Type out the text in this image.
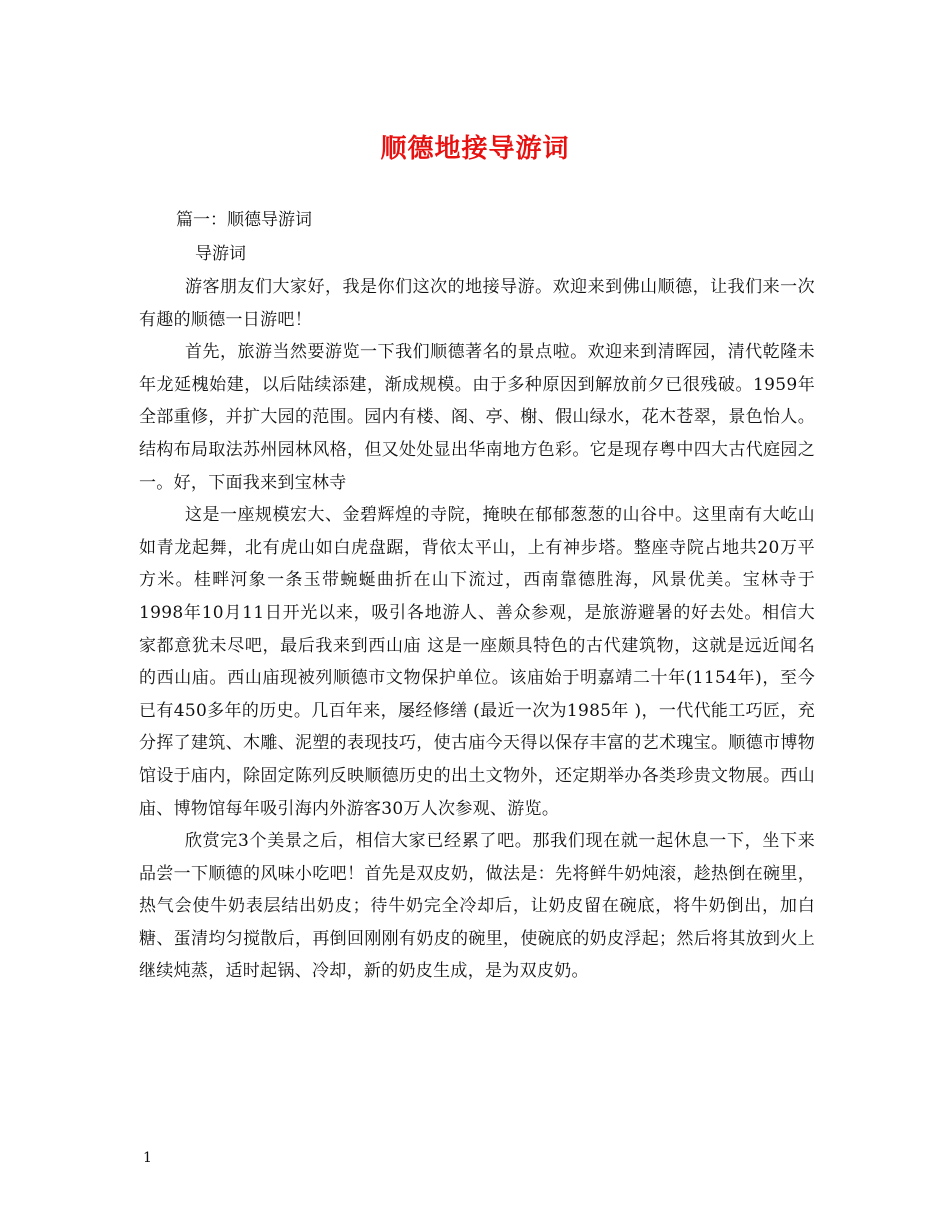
顺德地接导游词

篇一：顺德导游词

导游词

游客朋友们大家好，我是你们这次的地接导游。欢迎来到佛山顺德，让我们来一次有趣的顺德一日游吧！

首先，旅游当然要游览一下我们顺德著名的景点啦。欢迎来到清晖园，清代乾隆未年龙延槐始建，以后陆续添建，渐成规模。由于多种原因到解放前夕已很残破。1959年全部重修，并扩大园的范围。园内有楼、阁、亭、榭、假山绿水，花木苍翠，景色怡人。结构布局取法苏州园林风格，但又处处显出华南地方色彩。它是现存粤中四大古代庭园之一。好，下面我来到宝林寺

这是一座规模宏大、金碧辉煌的寺院，掩映在郁郁葱葱的山谷中。这里南有大屹山如青龙起舞，北有虎山如白虎盘踞，背依太平山，上有神步塔。整座寺院占地共20万平方米。桂畔河象一条玉带蜿蜒曲折在山下流过，西南靠德胜海，风景优美。宝林寺于1998年10月11日开光以来，吸引各地游人、善众参观，是旅游避暑的好去处。相信大家都意犹未尽吧，最后我来到西山庙 这是一座颇具特色的古代建筑物，这就是远近闻名的西山庙。西山庙现被列顺德市文物保护单位。该庙始于明嘉靖二十年(1154年)，至今已有450多年的历史。几百年来，屡经修缮 (最近一次为1985年 )，一代代能工巧匠，充分挥了建筑、木雕、泥塑的表现技巧，使古庙今天得以保存丰富的艺术瑰宝。顺德市博物馆设于庙内，除固定陈列反映顺德历史的出土文物外，还定期举办各类珍贵文物展。西山庙、博物馆每年吸引海内外游客30万人次参观、游览。

欣赏完3个美景之后，相信大家已经累了吧。那我们现在就一起休息一下，坐下来品尝一下顺德的风味小吃吧！首先是双皮奶，做法是：先将鲜牛奶炖滚，趁热倒在碗里，热气会使牛奶表层结出奶皮；待牛奶完全冷却后，让奶皮留在碗底，将牛奶倒出，加白糖、蛋清均匀搅散后，再倒回刚刚有奶皮的碗里，使碗底的奶皮浮起；然后将其放到火上继续炖蒸，适时起锅、冷却，新的奶皮生成，是为双皮奶。

1
